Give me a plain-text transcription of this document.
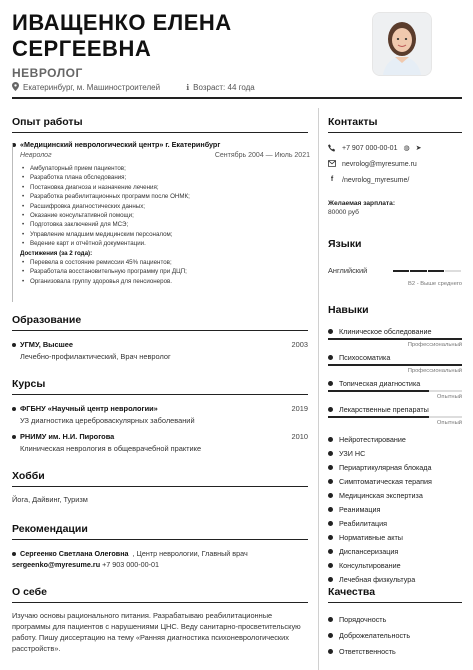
ИВАЩЕНКО ЕЛЕНА СЕРГЕЕВНА
НЕВРОЛОГ
Екатеринбург, м. Машиностроителей	ℹ Возраст: 44 года
Опыт работы
«Медицинский неврологический центр» г. Екатеринбург
Невролог	Сентябрь 2004 — Июль 2021
• Амбулаторный прием пациентов;
• Разработка плана обследования;
• Постановка диагноза и назначение лечения;
• Разработка реабилитационных программ после ОНМК;
• Расшифровка диагностических данных;
• Оказание консультативной помощи;
• Подготовка заключений для МСЭ;
• Управление младшим медицинским персоналом;
• Ведение карт и отчётной документации.
Достижения (за 2 года):
• Перевела в состояние ремиссии 45% пациентов;
• Разработала восстановительную программу при ДЦП;
• Организовала группу здоровья для пенсионеров.
Образование
УГМУ, Высшее	2003
Лечебно-профилактический, Врач невролог
Курсы
ФГБНУ «Научный центр неврологии»	2019
УЗ диагностика цереброваскулярных заболеваний
РНИМУ им. Н.И. Пирогова	2010
Клиническая неврология в общеврачебной практике
Хобби
Йога, Дайвинг, Туризм
Рекомендации
Сергеенко Светлана Олеговна , Центр неврологии, Главный врач
sergeenko@myresume.ru +7 903 000-00-01
О себе
Изучаю основы рационального питания. Разрабатываю реабилитационные программы для пациентов с нарушениями ЦНС. Веду санитарно-просветительскую работу. Пишу диссертацию на тему «Ранняя диагностика психоневрологических расстройств».
Контакты
+7 907 000-00-01 ◍ ➤
nevrolog@myresume.ru
f	/nevrolog_myresume/
Желаемая зарплата:
80000 руб
Языки
Английский
B2 - Выше среднего
Навыки
Клиническое обследование
Профессиональный
Психосоматика
Профессиональный
Топическая диагностика
Опытный
Лекарственные препараты
Опытный
Нейротестирование
УЗИ НС
Периартикулярная блокада
Симптоматическая терапия
Медицинская экспертиза
Реанимация
Реабилитация
Нормативные акты
Диспансеризация
Консультирование
Лечебная физкультура
Качества
Порядочность
Доброжелательность
Ответственность
